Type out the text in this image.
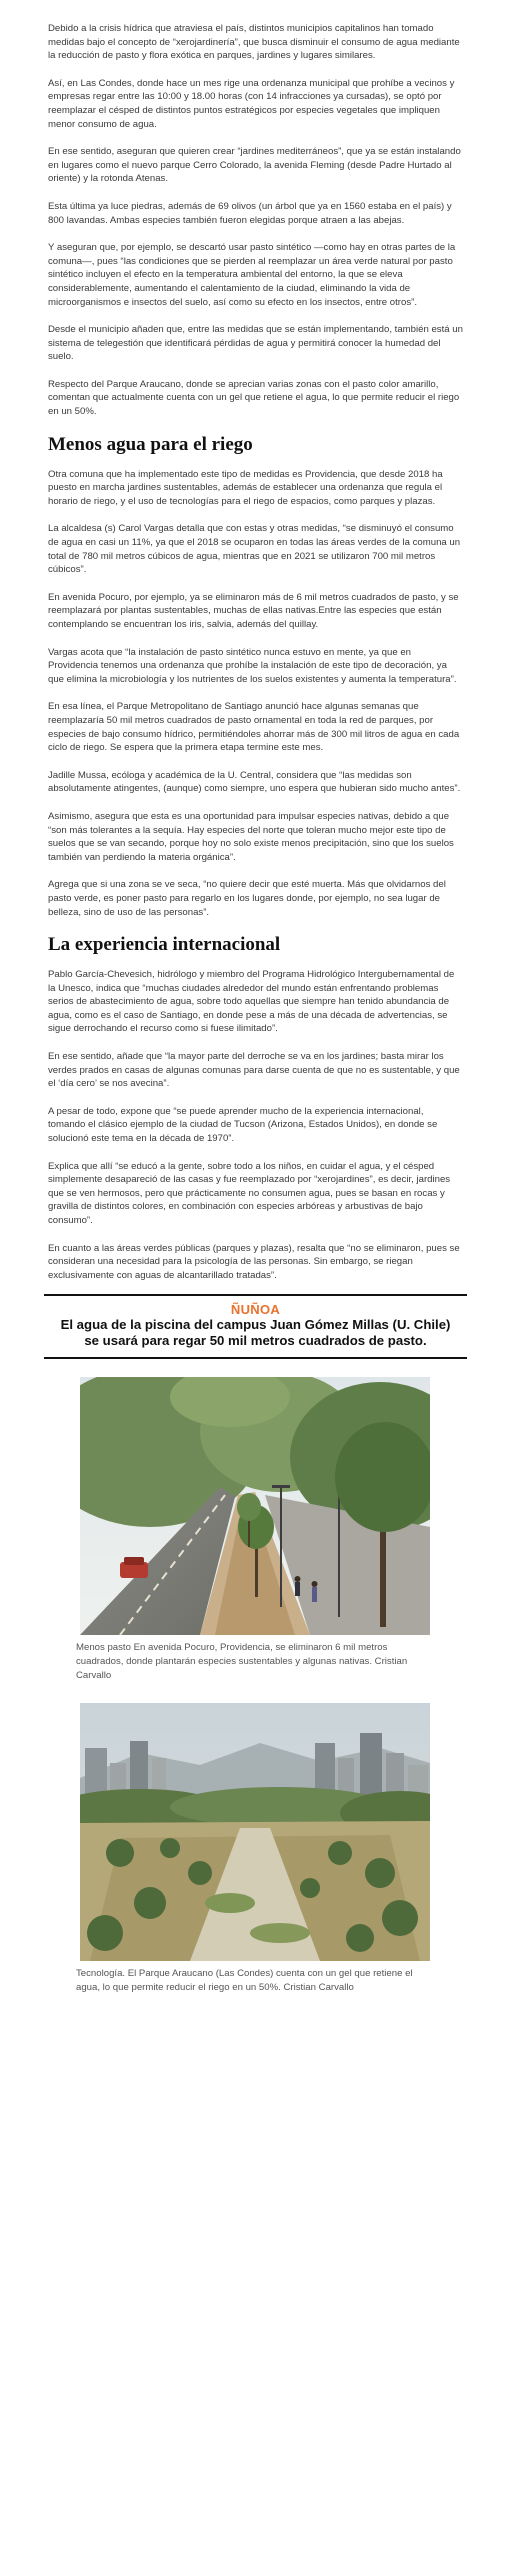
Debido a la crisis hídrica que atraviesa el país, distintos municipios capitalinos han tomado medidas bajo el concepto de “xerojardinería”, que busca disminuir el consumo de agua mediante la reducción de pasto y flora exótica en parques, jardines y lugares similares.

Así, en Las Condes, donde hace un mes rige una ordenanza municipal que prohíbe a vecinos y empresas regar entre las 10:00 y 18.00 horas (con 14 infracciones ya cursadas), se optó por reemplazar el césped de distintos puntos estratégicos por especies vegetales que impliquen menor consumo de agua.

En ese sentido, aseguran que quieren crear “jardines mediterráneos”, que ya se están instalando en lugares como el nuevo parque Cerro Colorado, la avenida Fleming (desde Padre Hurtado al oriente) y la rotonda Atenas.

Esta última ya luce piedras, además de 69 olivos (un árbol que ya en 1560 estaba en el país) y 800 lavandas. Ambas especies también fueron elegidas porque atraen a las abejas.

Y aseguran que, por ejemplo, se descartó usar pasto sintético —como hay en otras partes de la comuna—, pues “las condiciones que se pierden al reemplazar un área verde natural por pasto sintético incluyen el efecto en la temperatura ambiental del entorno, la que se eleva considerablemente, aumentando el calentamiento de la ciudad, eliminando la vida de microorganismos e insectos del suelo, así como su efecto en los insectos, entre otros”.

Desde el municipio añaden que, entre las medidas que se están implementando, también está un sistema de telegestión que identificará pérdidas de agua y permitirá conocer la humedad del suelo.

Respecto del Parque Araucano, donde se aprecian varias zonas con el pasto color amarillo, comentan que actualmente cuenta con un gel que retiene el agua, lo que permite reducir el riego en un 50%.

Menos agua para el riego

Otra comuna que ha implementado este tipo de medidas es Providencia, que desde 2018 ha puesto en marcha jardines sustentables, además de establecer una ordenanza que regula el horario de riego, y el uso de tecnologías para el riego de espacios, como parques y plazas.

La alcaldesa (s) Carol Vargas detalla que con estas y otras medidas, “se disminuyó el consumo de agua en casi un 11%, ya que el 2018 se ocuparon en todas las áreas verdes de la comuna un total de 780 mil metros cúbicos de agua, mientras que en 2021 se utilizaron 700 mil metros cúbicos”.

En avenida Pocuro, por ejemplo, ya se eliminaron más de 6 mil metros cuadrados de pasto, y se reemplazará por plantas sustentables, muchas de ellas nativas.Entre las especies que están contemplando se encuentran los iris, salvia, además del quillay.

Vargas acota que “la instalación de pasto sintético nunca estuvo en mente, ya que en Providencia tenemos una ordenanza que prohíbe la instalación de este tipo de decoración, ya que elimina la microbiología y los nutrientes de los suelos existentes y aumenta la temperatura”.

En esa línea, el Parque Metropolitano de Santiago anunció hace algunas semanas que reemplazaría 50 mil metros cuadrados de pasto ornamental en toda la red de parques, por especies de bajo consumo hídrico, permitiéndoles ahorrar más de 300 mil litros de agua en cada ciclo de riego. Se espera que la primera etapa termine este mes.

Jadille Mussa, ecóloga y académica de la U. Central, considera que “las medidas son absolutamente atingentes, (aunque) como siempre, uno espera que hubieran sido mucho antes”.

Asimismo, asegura que esta es una oportunidad para impulsar especies nativas, debido a que “son más tolerantes a la sequía. Hay especies del norte que toleran mucho mejor este tipo de suelos que se van secando, porque hoy no solo existe menos precipitación, sino que los suelos también van perdiendo la materia orgánica”.

Agrega que si una zona se ve seca, “no quiere decir que esté muerta. Más que olvidarnos del pasto verde, es poner pasto para regarlo en los lugares donde, por ejemplo, no sea lugar de belleza, sino de uso de las personas”.

La experiencia internacional

Pablo García-Chevesich, hidrólogo y miembro del Programa Hidrológico Intergubernamental de la Unesco, indica que “muchas ciudades alrededor del mundo están enfrentando problemas serios de abastecimiento de agua, sobre todo aquellas que siempre han tenido abundancia de agua, como es el caso de Santiago, en donde pese a más de una década de advertencias, se sigue derrochando el recurso como si fuese ilimitado”.

En ese sentido, añade que “la mayor parte del derroche se va en los jardines; basta mirar los verdes prados en casas de algunas comunas para darse cuenta de que no es sustentable, y que el ‘día cero’ se nos avecina”.

A pesar de todo, expone que “se puede aprender mucho de la experiencia internacional, tomando el clásico ejemplo de la ciudad de Tucson (Arizona, Estados Unidos), en donde se solucionó este tema en la década de 1970”.

Explica que allí “se educó a la gente, sobre todo a los niños, en cuidar el agua, y el césped simplemente desapareció de las casas y fue reemplazado por “xerojardines”, es decir, jardines que se ven hermosos, pero que prácticamente no consumen agua, pues se basan en rocas y gravilla de distintos colores, en combinación con especies arbóreas y arbustivas de bajo consumo”.

En cuanto a las áreas verdes públicas (parques y plazas), resalta que “no se eliminaron, pues se consideran una necesidad para la psicología de las personas. Sin embargo, se riegan exclusivamente con aguas de alcantarillado tratadas”.

ÑUÑOA
El agua de la piscina del campus Juan Gómez Millas (U. Chile) se usará para regar 50 mil metros cuadrados de pasto.
Menos pasto En avenida Pocuro, Providencia, se eliminaron 6 mil metros cuadrados, donde plantarán especies sustentables y algunas nativas. Cristian Carvallo
Tecnología. El Parque Araucano (Las Condes) cuenta con un gel que retiene el agua, lo que permite reducir el riego en un 50%. Cristian Carvallo
